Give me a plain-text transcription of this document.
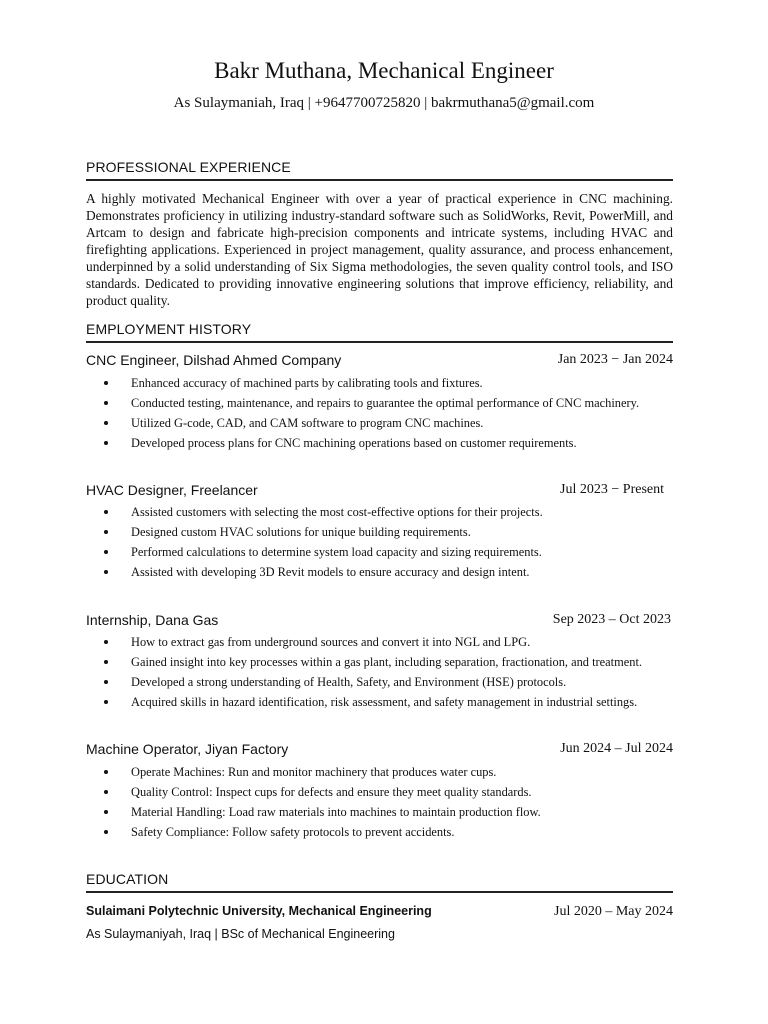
Bakr Muthana, Mechanical Engineer
As Sulaymaniah, Iraq | +9647700725820 | bakrmuthana5@gmail.com
PROFESSIONAL EXPERIENCE

A highly motivated Mechanical Engineer with over a year of practical experience in CNC machining. Demonstrates proficiency in utilizing industry-standard software such as SolidWorks, Revit, PowerMill, and Artcam to design and fabricate high-precision components and intricate systems, including HVAC and firefighting applications. Experienced in project management, quality assurance, and process enhancement, underpinned by a solid understanding of Six Sigma methodologies, the seven quality control tools, and ISO standards. Dedicated to providing innovative engineering solutions that improve efficiency, reliability, and product quality.

EMPLOYMENT HISTORY
CNC Engineer, Dilshad Ahmed Company	Jan 2023 − Jan 2024
Enhanced accuracy of machined parts by calibrating tools and fixtures.
Conducted testing, maintenance, and repairs to guarantee the optimal performance of CNC machinery.
Utilized G-code, CAD, and CAM software to program CNC machines.
Developed process plans for CNC machining operations based on customer requirements.
HVAC Designer, Freelancer	Jul 2023 − Present
Assisted customers with selecting the most cost-effective options for their projects.
Designed custom HVAC solutions for unique building requirements.
Performed calculations to determine system load capacity and sizing requirements.
Assisted with developing 3D Revit models to ensure accuracy and design intent.
Internship, Dana Gas	Sep 2023 – Oct 2023
How to extract gas from underground sources and convert it into NGL and LPG.
Gained insight into key processes within a gas plant, including separation, fractionation, and treatment.
Developed a strong understanding of Health, Safety, and Environment (HSE) protocols.
Acquired skills in hazard identification, risk assessment, and safety management in industrial settings.
Machine Operator, Jiyan Factory	Jun 2024 – Jul 2024
Operate Machines: Run and monitor machinery that produces water cups.
Quality Control: Inspect cups for defects and ensure they meet quality standards.
Material Handling: Load raw materials into machines to maintain production flow.
Safety Compliance: Follow safety protocols to prevent accidents.
EDUCATION
Sulaimani Polytechnic University, Mechanical Engineering	Jul 2020 – May 2024
As Sulaymaniyah, Iraq | BSc of Mechanical Engineering
